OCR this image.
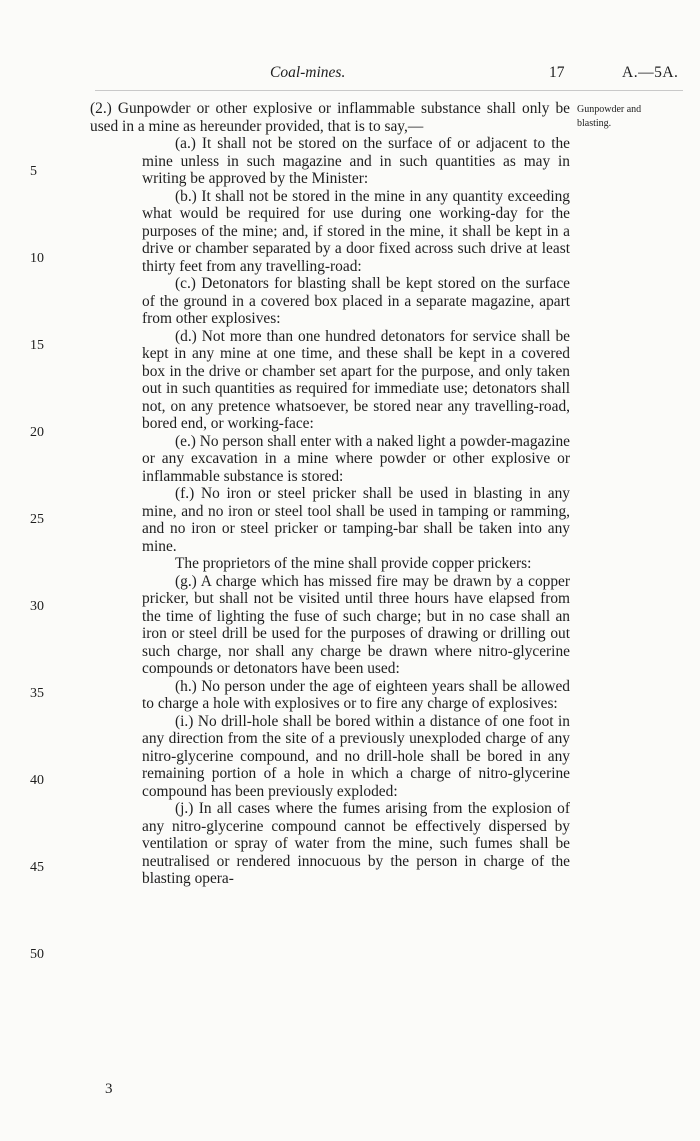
Coal-mines.	17	A.—5A.
Gunpowder and blasting.
5
10
15
20
25
30
35
40
45
50

(2.) Gunpowder or other explosive or inflammable substance shall only be used in a mine as hereunder provided, that is to say,—

(a.) It shall not be stored on the surface of or adjacent to the mine unless in such magazine and in such quantities as may in writing be approved by the Minister:

(b.) It shall not be stored in the mine in any quantity exceeding what would be required for use during one working-day for the purposes of the mine; and, if stored in the mine, it shall be kept in a drive or chamber separated by a door fixed across such drive at least thirty feet from any travelling-road:

(c.) Detonators for blasting shall be kept stored on the surface of the ground in a covered box placed in a separate magazine, apart from other explosives:

(d.) Not more than one hundred detonators for service shall be kept in any mine at one time, and these shall be kept in a covered box in the drive or chamber set apart for the purpose, and only taken out in such quantities as required for immediate use; detonators shall not, on any pretence whatsoever, be stored near any travelling-road, bored end, or working-face:

(e.) No person shall enter with a naked light a powder-magazine or any excavation in a mine where powder or other explosive or inflammable substance is stored:

(f.) No iron or steel pricker shall be used in blasting in any mine, and no iron or steel tool shall be used in tamping or ramming, and no iron or steel pricker or tamping-bar shall be taken into any mine.

The proprietors of the mine shall provide copper prickers:

(g.) A charge which has missed fire may be drawn by a copper pricker, but shall not be visited until three hours have elapsed from the time of lighting the fuse of such charge; but in no case shall an iron or steel drill be used for the purposes of drawing or drilling out such charge, nor shall any charge be drawn where nitro-glycerine compounds or detonators have been used:

(h.) No person under the age of eighteen years shall be allowed to charge a hole with explosives or to fire any charge of explosives:

(i.) No drill-hole shall be bored within a distance of one foot in any direction from the site of a previously unexploded charge of any nitro-glycerine compound, and no drill-hole shall be bored in any remaining portion of a hole in which a charge of nitro-glycerine compound has been previously exploded:

(j.) In all cases where the fumes arising from the explosion of any nitro-glycerine compound cannot be effectively dispersed by ventilation or spray of water from the mine, such fumes shall be neutralised or rendered innocuous by the person in charge of the blasting opera-

3
